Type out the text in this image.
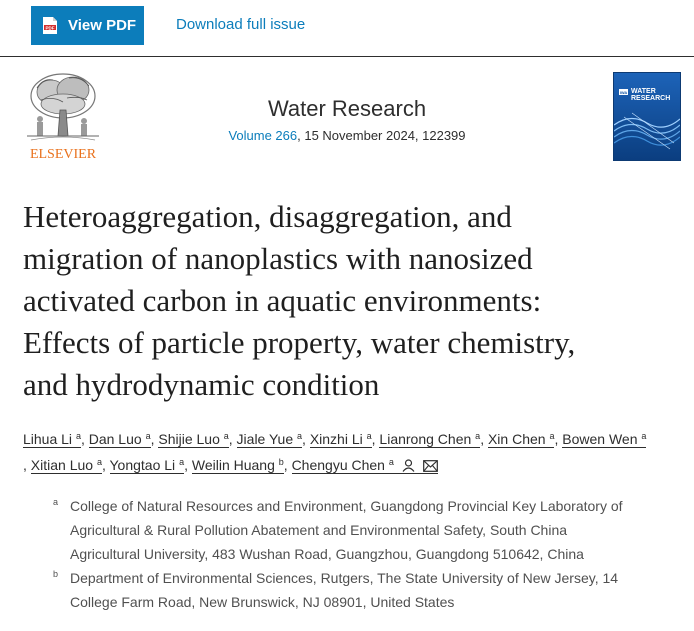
PDF View PDF	Download full issue
ELSEVIER
Water Research
Volume 266, 15 November 2024, 122399
IWA WATER
RESEARCH
Heteroaggregation, disaggregation, and
migration of nanoplastics with nanosized
activated carbon in aquatic environments:
Effects of particle property, water chemistry,
and hydrodynamic condition
Lihua Li $^a$, Dan Luo $^a$, Shijie Luo $^a$, Jiale Yue $^a$, Xinzhi Li $^a$, Lianrong Chen $^a$, Xin Chen $^a$, Bowen Wen $^a$
, Xitian Luo $^a$, Yongtao Li $^a$, Weilin Huang $^b$, Chengyu Chen $^a$
a College of Natural Resources and Environment, Guangdong Provincial Key Laboratory of
Agricultural & Rural Pollution Abatement and Environmental Safety, South China
Agricultural University, 483 Wushan Road, Guangzhou, Guangdong 510642, China
b Department of Environmental Sciences, Rutgers, The State University of New Jersey, 14
College Farm Road, New Brunswick, NJ 08901, United States
